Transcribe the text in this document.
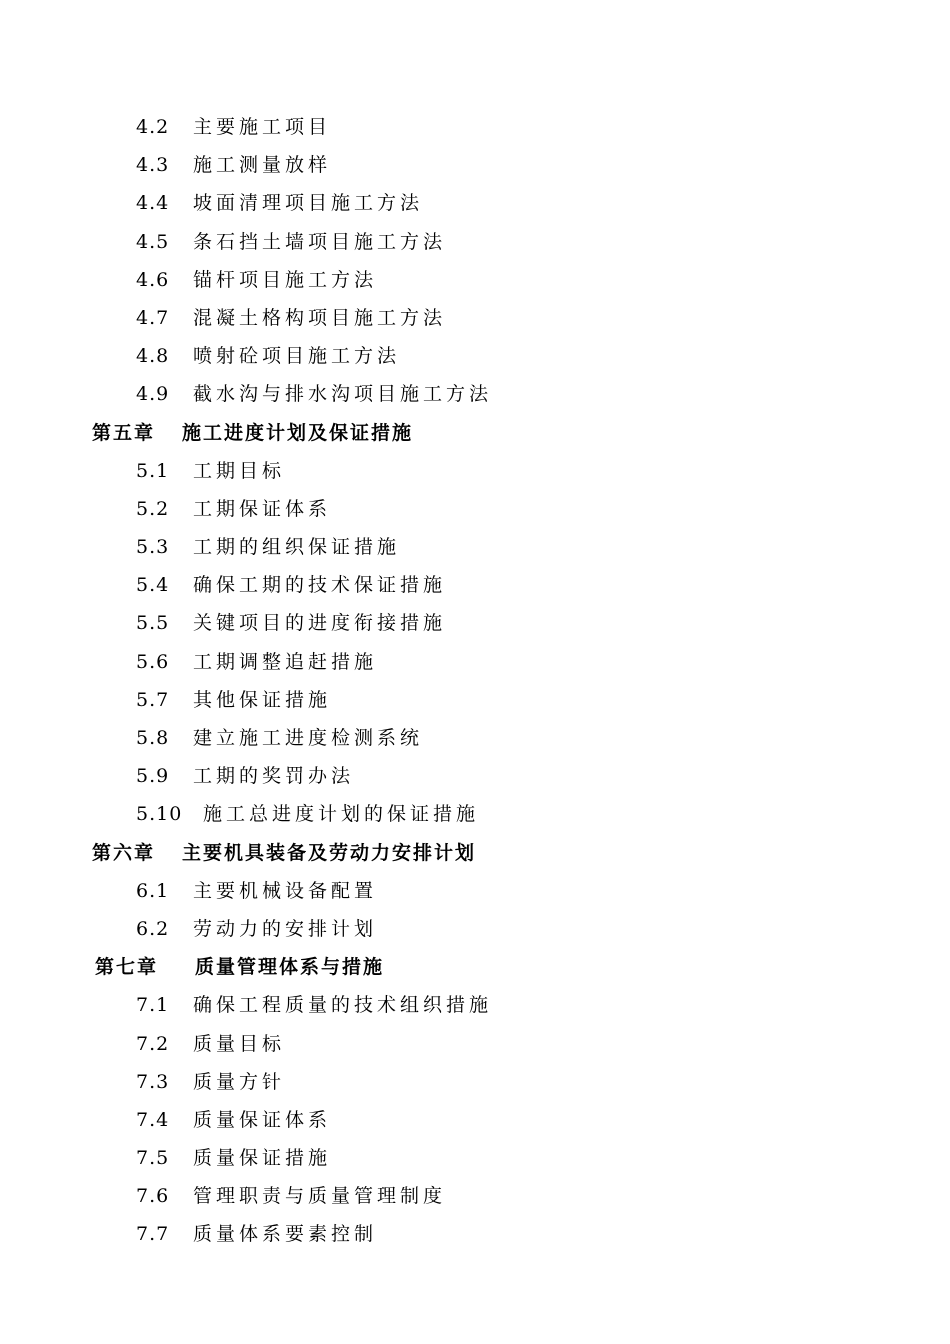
4.2 主要施工项目
4.3 施工测量放样
4.4 坡面清理项目施工方法
4.5 条石挡土墙项目施工方法
4.6 锚杆项目施工方法
4.7 混凝土格构项目施工方法
4.8 喷射砼项目施工方法
4.9 截水沟与排水沟项目施工方法
第五章 施工进度计划及保证措施
5.1 工期目标
5.2 工期保证体系
5.3 工期的组织保证措施
5.4 确保工期的技术保证措施
5.5 关键项目的进度衔接措施
5.6 工期调整追赶措施
5.7 其他保证措施
5.8 建立施工进度检测系统
5.9 工期的奖罚办法
5.10 施工总进度计划的保证措施
第六章 主要机具装备及劳动力安排计划
6.1 主要机械设备配置
6.2 劳动力的安排计划
第七章 质量管理体系与措施
7.1 确保工程质量的技术组织措施
7.2 质量目标
7.3 质量方针
7.4 质量保证体系
7.5 质量保证措施
7.6 管理职责与质量管理制度
7.7 质量体系要素控制
